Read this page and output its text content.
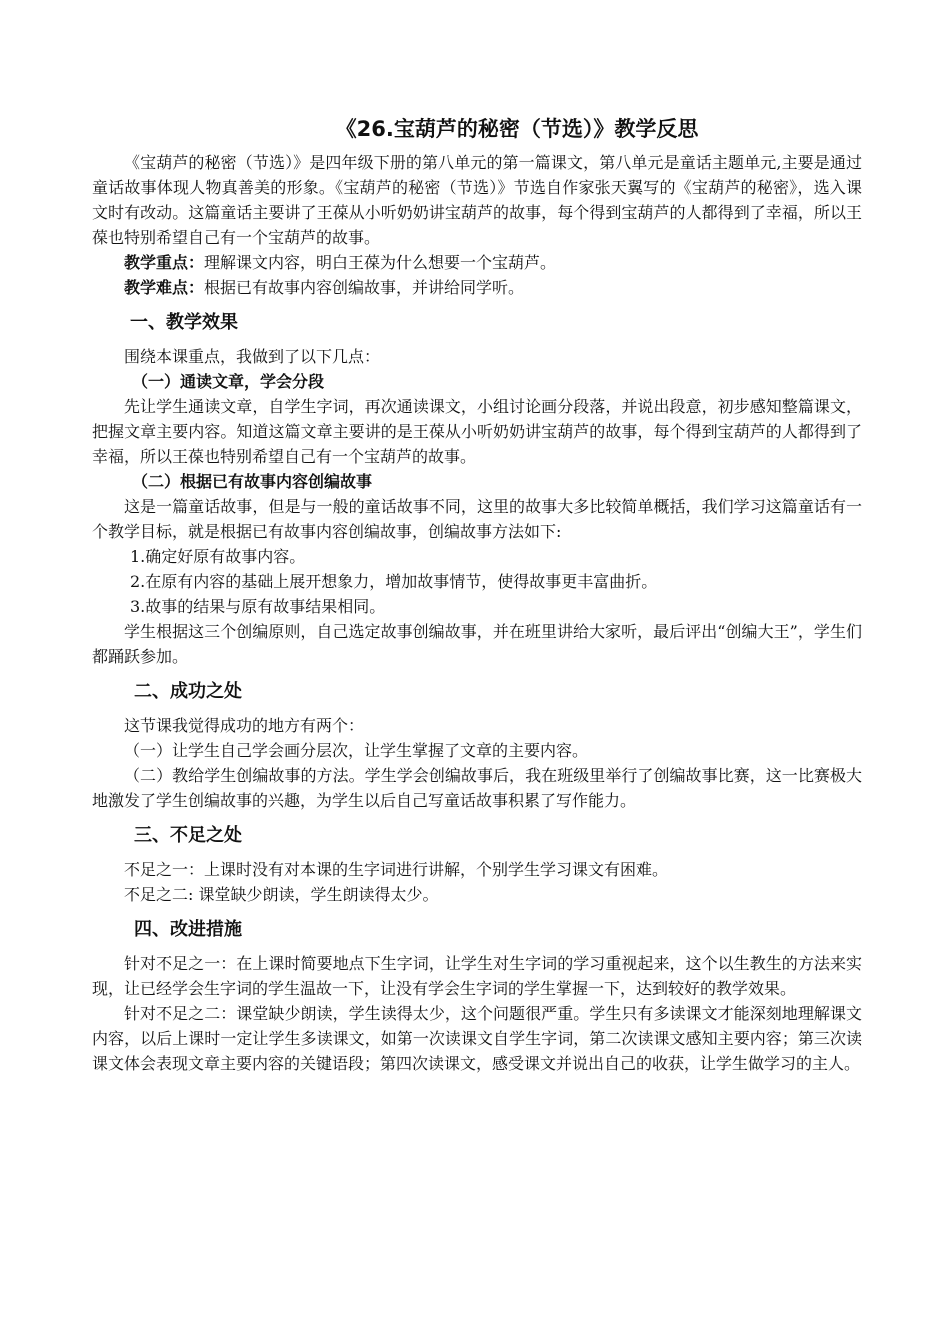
《26.宝葫芦的秘密（节选）》教学反思

《宝葫芦的秘密（节选）》是四年级下册的第八单元的第一篇课文，第八单元是童话主题单元,主要是通过童话故事体现人物真善美的形象。《宝葫芦的秘密（节选）》节选自作家张天翼写的《宝葫芦的秘密》，选入课文时有改动。这篇童话主要讲了王葆从小听奶奶讲宝葫芦的故事，每个得到宝葫芦的人都得到了幸福，所以王葆也特别希望自己有一个宝葫芦的故事。

教学重点：理解课文内容，明白王葆为什么想要一个宝葫芦。

教学难点：根据已有故事内容创编故事，并讲给同学听。

一、教学效果

围绕本课重点，我做到了以下几点：

（一）通读文章，学会分段

先让学生通读文章，自学生字词，再次通读课文，小组讨论画分段落，并说出段意，初步感知整篇课文，把握文章主要内容。知道这篇文章主要讲的是王葆从小听奶奶讲宝葫芦的故事，每个得到宝葫芦的人都得到了幸福，所以王葆也特别希望自己有一个宝葫芦的故事。

（二）根据已有故事内容创编故事

这是一篇童话故事，但是与一般的童话故事不同，这里的故事大多比较简单概括，我们学习这篇童话有一个教学目标，就是根据已有故事内容创编故事，创编故事方法如下:

1.确定好原有故事内容。

2.在原有内容的基础上展开想象力，增加故事情节，使得故事更丰富曲折。

3.故事的结果与原有故事结果相同。

学生根据这三个创编原则，自己选定故事创编故事，并在班里讲给大家听，最后评出“创编大王”，学生们都踊跃参加。

二、成功之处

这节课我觉得成功的地方有两个：

（一）让学生自己学会画分层次，让学生掌握了文章的主要内容。

（二）教给学生创编故事的方法。学生学会创编故事后，我在班级里举行了创编故事比赛，这一比赛极大地激发了学生创编故事的兴趣，为学生以后自己写童话故事积累了写作能力。

三、不足之处

不足之一：上课时没有对本课的生字词进行讲解，个别学生学习课文有困难。

不足之二: 课堂缺少朗读，学生朗读得太少。

四、改进措施

针对不足之一：在上课时简要地点下生字词，让学生对生字词的学习重视起来，这个以生教生的方法来实现，让已经学会生字词的学生温故一下，让没有学会生字词的学生掌握一下，达到较好的教学效果。

针对不足之二：课堂缺少朗读，学生读得太少，这个问题很严重。学生只有多读课文才能深刻地理解课文内容，以后上课时一定让学生多读课文，如第一次读课文自学生字词，第二次读课文感知主要内容；第三次读课文体会表现文章主要内容的关键语段；第四次读课文，感受课文并说出自己的收获，让学生做学习的主人。
